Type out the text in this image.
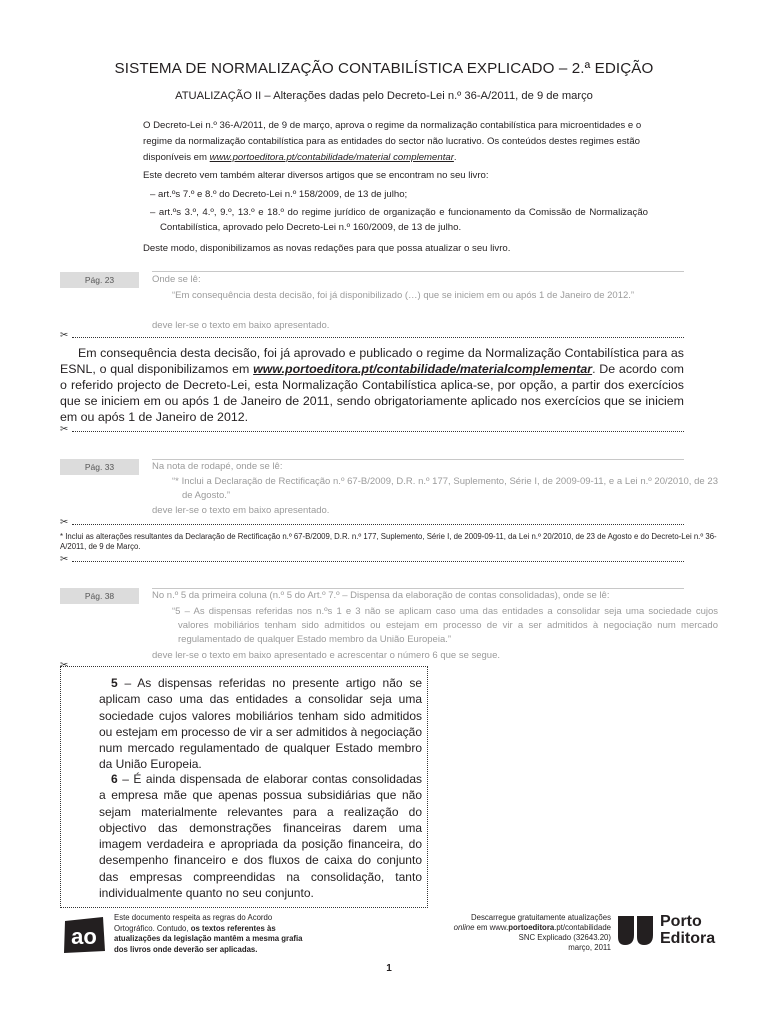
SISTEMA DE NORMALIZAÇÃO CONTABILÍSTICA EXPLICADO – 2.ª EDIÇÃO
ATUALIZAÇÃO II – Alterações dadas pelo Decreto-Lei n.º 36-A/2011, de 9 de março
O Decreto-Lei n.º 36-A/2011, de 9 de março, aprova o regime da normalização contabilística para microentidades e o regime da normalização contabilística para as entidades do sector não lucrativo. Os conteúdos destes regimes estão disponíveis em www.portoeditora.pt/contabilidade/material complementar.
Este decreto vem também alterar diversos artigos que se encontram no seu livro:
– art.ºs 7.º e 8.º do Decreto-Lei n.º 158/2009, de 13 de julho;
– art.ºs 3.º, 4.º, 9.º, 13.º e 18.º do regime jurídico de organização e funcionamento da Comissão de Normalização Contabilística, aprovado pelo Decreto-Lei n.º 160/2009, de 13 de julho.
Deste modo, disponibilizamos as novas redações para que possa atualizar o seu livro.
Pág. 23	Onde se lê:
“Em consequência desta decisão, foi já disponibilizado (…) que se iniciem em ou após 1 de Janeiro de 2012.”
deve ler-se o texto em baixo apresentado.
✂
Em consequência desta decisão, foi já aprovado e publicado o regime da Normalização Contabilística para as ESNL, o qual disponibilizamos em www.portoeditora.pt/contabilidade/materialcomplementar. De acordo com o referido projecto de Decreto-Lei, esta Normalização Contabilística aplica-se, por opção, a partir dos exercícios que se iniciem em ou após 1 de Janeiro de 2011, sendo obrigatoriamente aplicado nos exercícios que se iniciem em ou após 1 de Janeiro de 2012.
✂
Pág. 33	Na nota de rodapé, onde se lê:
“* Inclui a Declaração de Rectificação n.º 67-B/2009, D.R. n.º 177, Suplemento, Série I, de 2009-09-11, e a Lei n.º 20/2010, de 23 de Agosto.”
deve ler-se o texto em baixo apresentado.
✂
* Inclui as alterações resultantes da Declaração de Rectificação n.º 67-B/2009, D.R. n.º 177, Suplemento, Série I, de 2009-09-11, da Lei n.º 20/2010, de 23 de Agosto e do Decreto-Lei n.º 36-A/2011, de 9 de Março.
✂
Pág. 38	No n.º 5 da primeira coluna (n.º 5 do Art.º 7.º – Dispensa da elaboração de contas consolidadas), onde se lê:
“5 – As dispensas referidas nos n.ºs 1 e 3 não se aplicam caso uma das entidades a consolidar seja uma sociedade cujos valores mobiliários tenham sido admitidos ou estejam em processo de vir a ser admitidos à negociação num mercado regulamentado de qualquer Estado membro da União Europeia.”
deve ler-se o texto em baixo apresentado e acrescentar o número 6 que se segue.
✂

5 – As dispensas referidas no presente artigo não se aplicam caso uma das entidades a consolidar seja uma sociedade cujos valores mobiliários tenham sido admitidos ou estejam em processo de vir a ser admitidos à negociação num mercado regulamentado de qualquer Estado membro da União Europeia.

6 – É ainda dispensada de elaborar contas consolidadas a empresa mãe que apenas possua subsidiárias que não sejam materialmente relevantes para a realização do objectivo das demonstrações financeiras darem uma imagem verdadeira e apropriada da posição financeira, do desempenho financeiro e dos fluxos de caixa do conjunto das empresas compreendidas na consolidação, tanto individualmente quanto no seu conjunto.

ao
Este documento respeita as regras do Acordo Ortográfico. Contudo, os textos referentes às atualizações da legislação mantêm a mesma grafia dos livros onde deverão ser aplicadas.
Descarregue gratuitamente atualizações
online em www.portoeditora.pt/contabilidade
SNC Explicado (32643.20)
março, 2011
Porto
Editora
1
